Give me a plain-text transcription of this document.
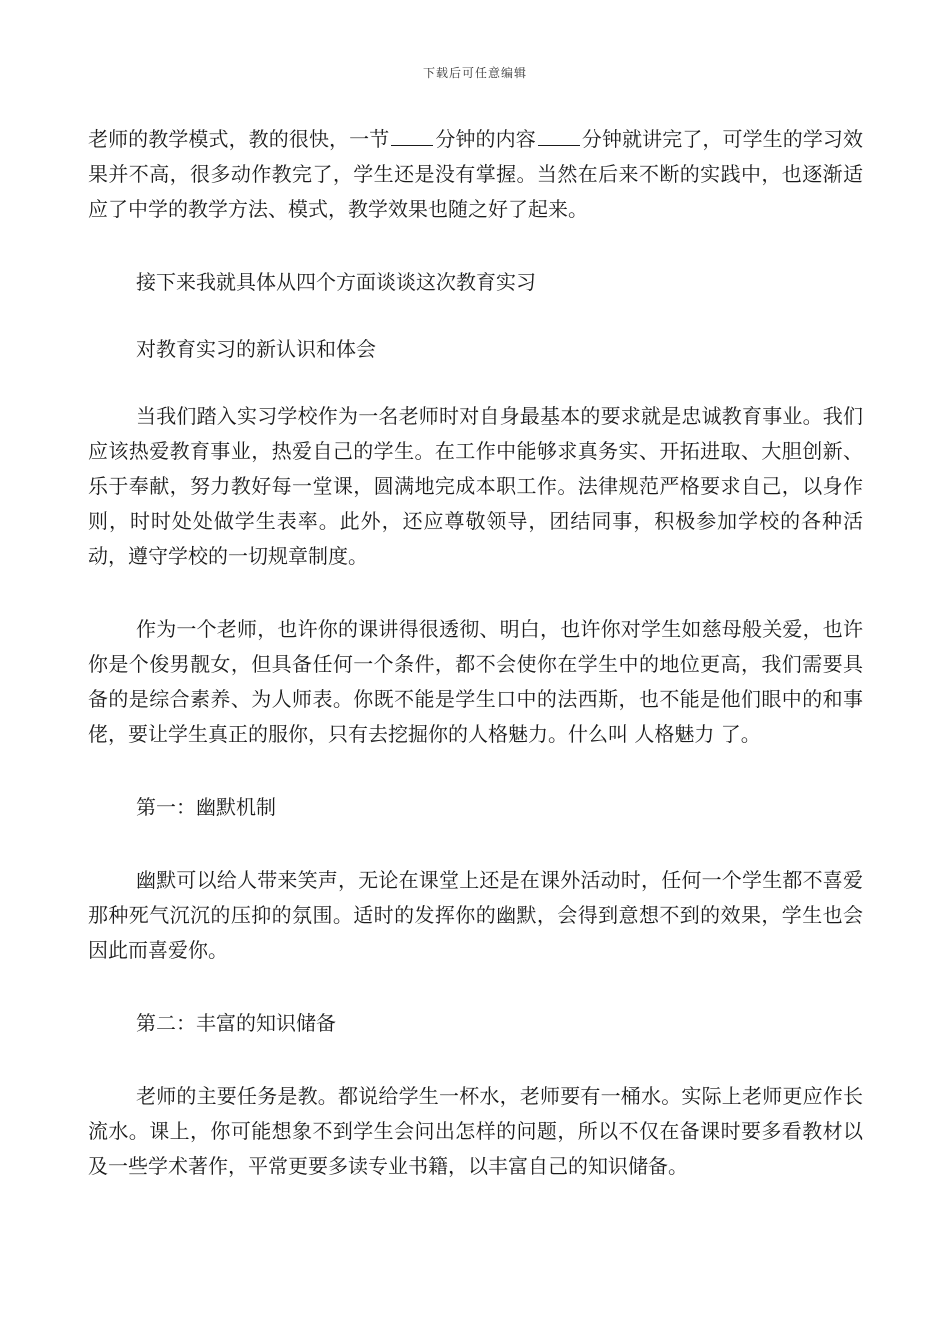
下载后可任意编辑

老师的教学模式，教的很快，一节 分钟的内容 分钟就讲完了，可学生的学习效果并不高，很多动作教完了，学生还是没有掌握。当然在后来不断的实践中，也逐渐适应了中学的教学方法、模式，教学效果也随之好了起来。

接下来我就具体从四个方面谈谈这次教育实习

对教育实习的新认识和体会

当我们踏入实习学校作为一名老师时对自身最基本的要求就是忠诚教育事业。我们应该热爱教育事业，热爱自己的学生。在工作中能够求真务实、开拓进取、大胆创新、乐于奉献，努力教好每一堂课，圆满地完成本职工作。法律规范严格要求自己，以身作则，时时处处做学生表率。此外，还应尊敬领导，团结同事，积极参加学校的各种活动，遵守学校的一切规章制度。

作为一个老师，也许你的课讲得很透彻、明白，也许你对学生如慈母般关爱，也许你是个俊男靓女，但具备任何一个条件，都不会使你在学生中的地位更高，我们需要具备的是综合素养、为人师表。你既不能是学生口中的法西斯，也不能是他们眼中的和事佬，要让学生真正的服你，只有去挖掘你的人格魅力。什么叫 人格魅力 了。

第一：幽默机制

幽默可以给人带来笑声，无论在课堂上还是在课外活动时，任何一个学生都不喜爱那种死气沉沉的压抑的氛围。适时的发挥你的幽默，会得到意想不到的效果，学生也会因此而喜爱你。

第二：丰富的知识储备

老师的主要任务是教。都说给学生一杯水，老师要有一桶水。实际上老师更应作长流水。课上，你可能想象不到学生会问出怎样的问题，所以不仅在备课时要多看教材以及一些学术著作，平常更要多读专业书籍，以丰富自己的知识储备。
